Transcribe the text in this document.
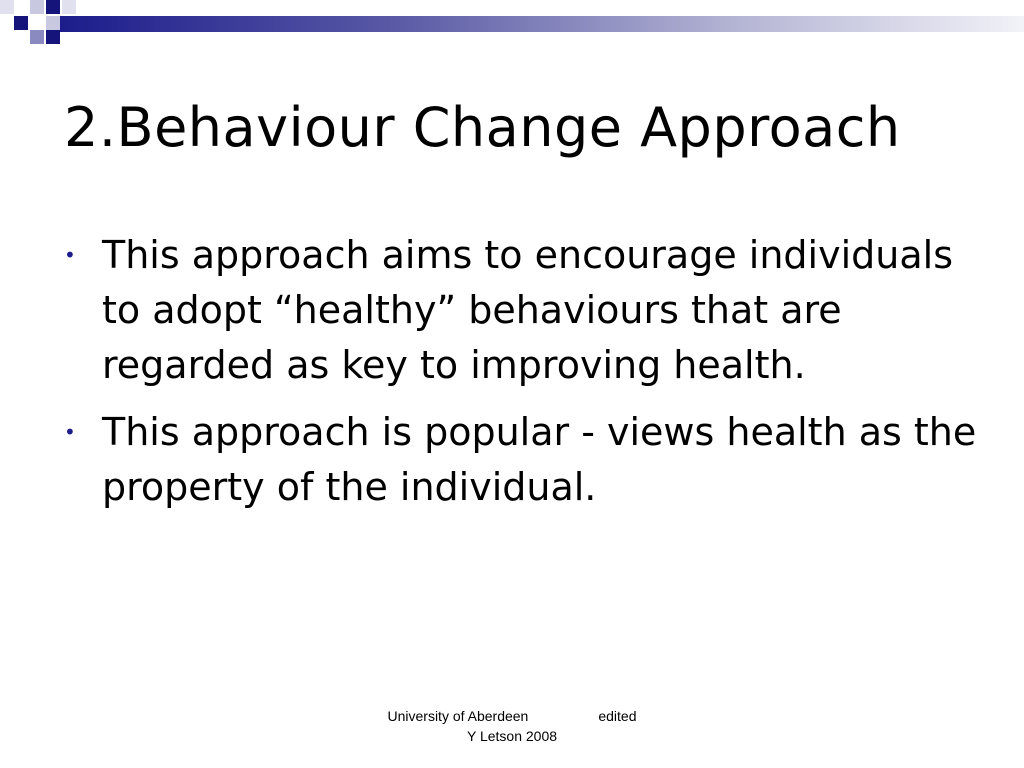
2.Behaviour Change Approach
• This approach aims to encourage individuals to adopt “healthy” behaviours that are regarded as key to improving health.
• This approach is popular - views health as the property of the individual.
University of Aberdeen	edited
Y Letson 2008
